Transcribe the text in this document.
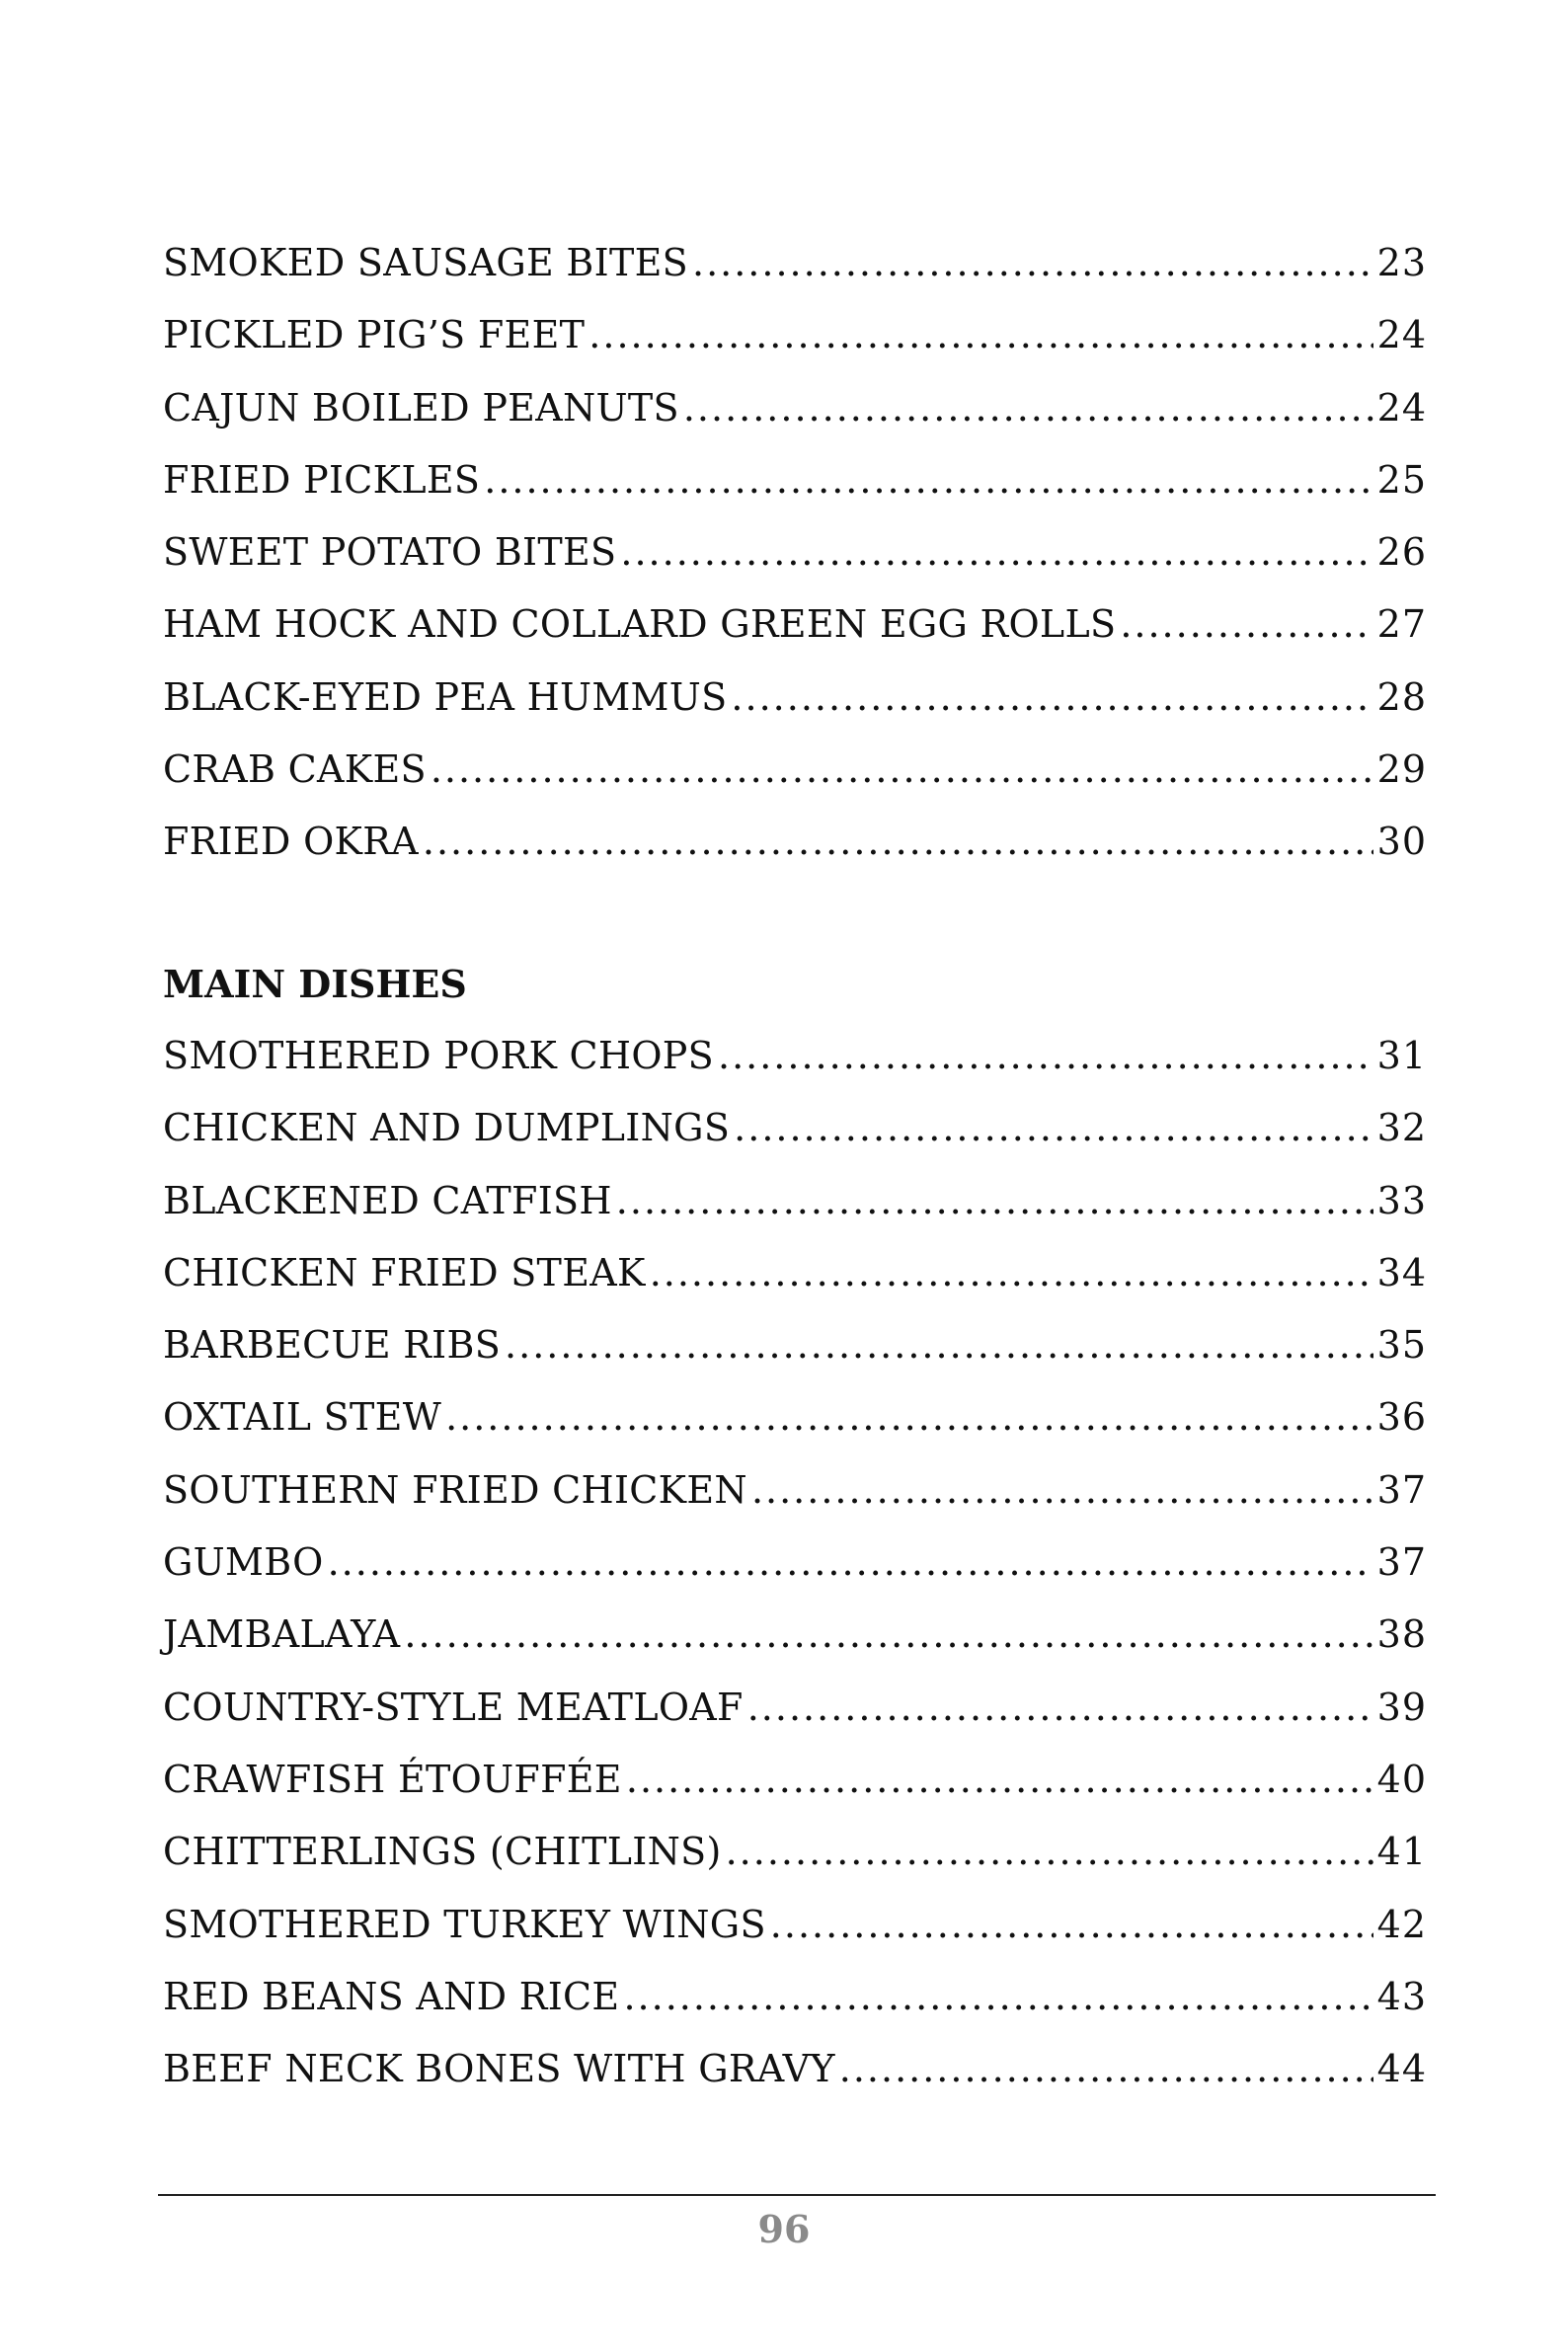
SMOKED SAUSAGE BITES .....	23
PICKLED PIG’S FEET .....	24
CAJUN BOILED PEANUTS .....	24
FRIED PICKLES .....	25
SWEET POTATO BITES .....	26
HAM HOCK AND COLLARD GREEN EGG ROLLS .....	27
BLACK-EYED PEA HUMMUS .....	28
CRAB CAKES .....	29
FRIED OKRA .....	30
MAIN DISHES
SMOTHERED PORK CHOPS .....	31
CHICKEN AND DUMPLINGS .....	32
BLACKENED CATFISH .....	33
CHICKEN FRIED STEAK .....	34
BARBECUE RIBS .....	35
OXTAIL STEW .....	36
SOUTHERN FRIED CHICKEN .....	37
GUMBO .....	37
JAMBALAYA .....	38
COUNTRY-STYLE MEATLOAF .....	39
CRAWFISH ÉTOUFFÉE .....	40
CHITTERLINGS (CHITLINS) .....	41
SMOTHERED TURKEY WINGS .....	42
RED BEANS AND RICE .....	43
BEEF NECK BONES WITH GRAVY .....	44
96
